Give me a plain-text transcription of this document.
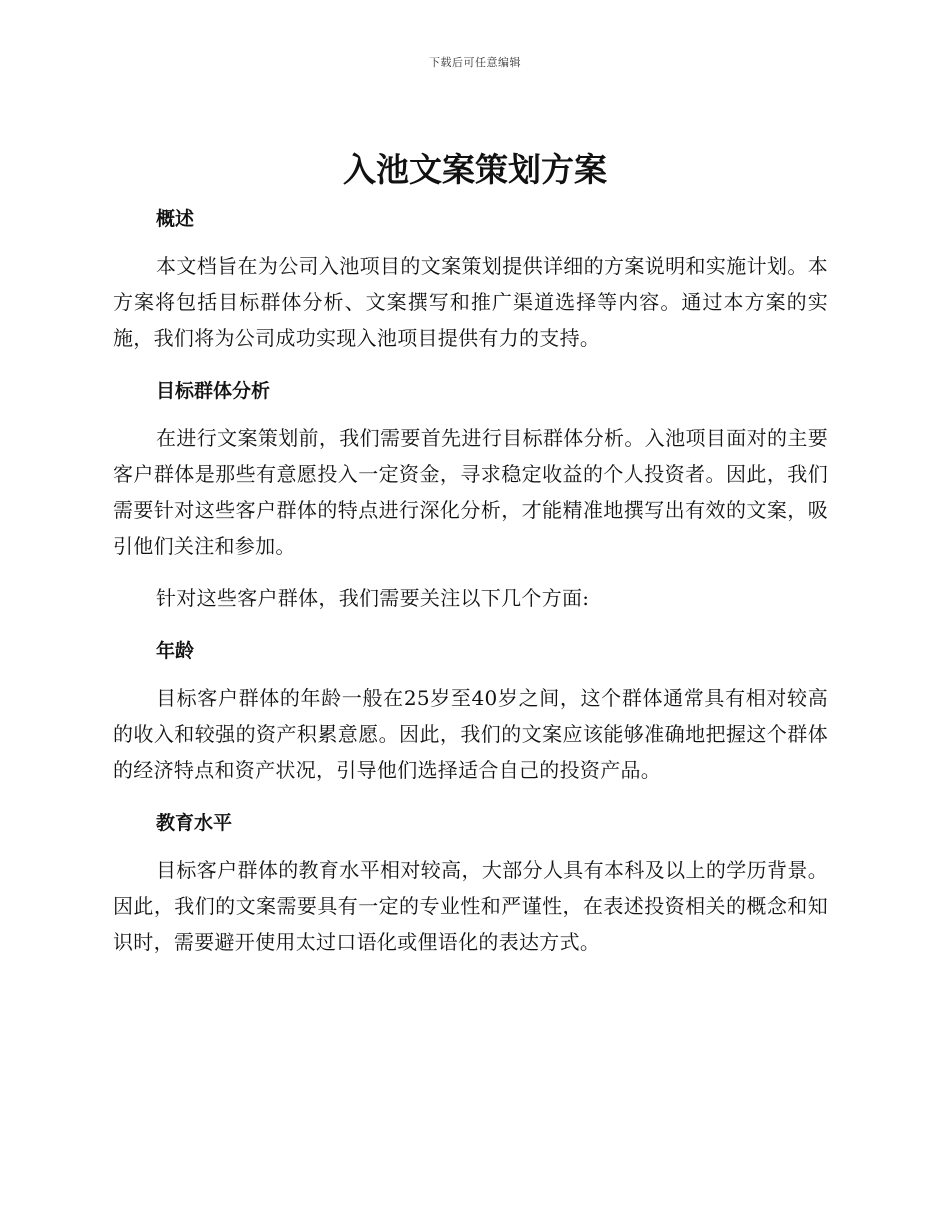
下载后可任意编辑
入池文案策划方案
概述

本文档旨在为公司入池项目的文案策划提供详细的方案说明和实施计划。本方案将包括目标群体分析、文案撰写和推广渠道选择等内容。通过本方案的实施，我们将为公司成功实现入池项目提供有力的支持。

目标群体分析

在进行文案策划前，我们需要首先进行目标群体分析。入池项目面对的主要客户群体是那些有意愿投入一定资金，寻求稳定收益的个人投资者。因此，我们需要针对这些客户群体的特点进行深化分析，才能精准地撰写出有效的文案，吸引他们关注和参加。

针对这些客户群体，我们需要关注以下几个方面:

年龄

目标客户群体的年龄一般在25岁至40岁之间，这个群体通常具有相对较高的收入和较强的资产积累意愿。因此，我们的文案应该能够准确地把握这个群体的经济特点和资产状况，引导他们选择适合自己的投资产品。

教育水平

目标客户群体的教育水平相对较高，大部分人具有本科及以上的学历背景。因此，我们的文案需要具有一定的专业性和严谨性，在表述投资相关的概念和知识时，需要避开使用太过口语化或俚语化的表达方式。
